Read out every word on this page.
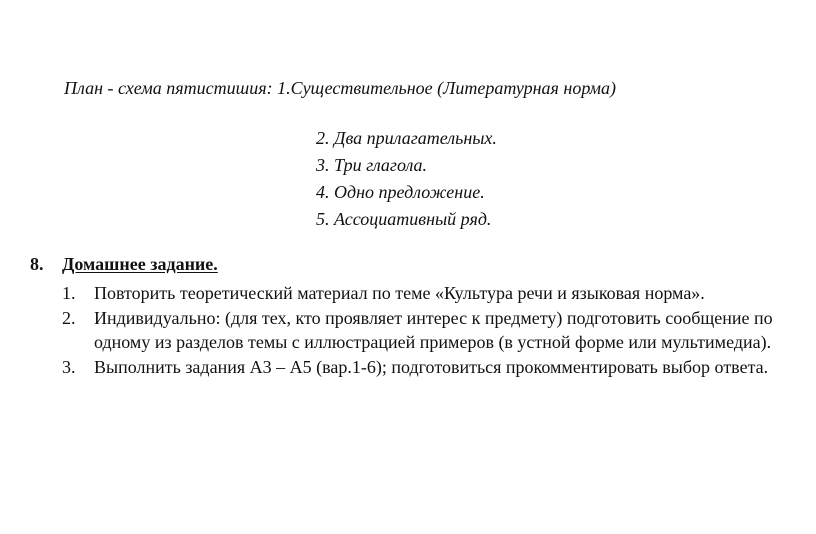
План - схема пятистишия: 1.Существительное (Литературная норма)
2. Два прилагательных.
3. Три глагола.
4. Одно предложение.
5. Ассоциативный ряд.
8. Домашнее задание.
1. Повторить теоретический материал по теме «Культура речи и языковая норма».
2. Индивидуально: (для тех, кто проявляет интерес к предмету) подготовить сообщение по одному из разделов темы с иллюстрацией примеров (в устной форме или мультимедиа).
3. Выполнить задания А3 – А5 (вар.1-6); подготовиться прокомментировать выбор ответа.
